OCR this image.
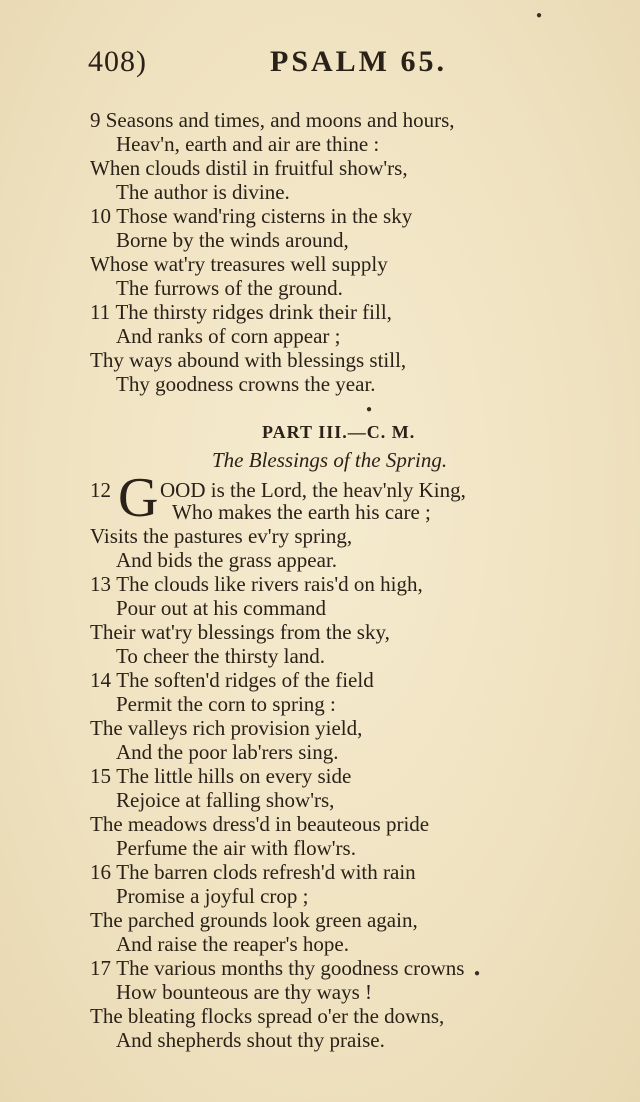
408)	PSALM 65.
●
9 Seasons and times, and moons and hours,
Heav'n, earth and air are thine :
When clouds distil in fruitful show'rs,
The author is divine.
10 Those wand'ring cisterns in the sky
Borne by the winds around,
Whose wat'ry treasures well supply
The furrows of the ground.
11 The thirsty ridges drink their fill,
And ranks of corn appear ;
Thy ways abound with blessings still,
Thy goodness crowns the year.
●
PART III.—C. M.
The Blessings of the Spring.
12 G OOD is the Lord, the heav'nly King,
Who makes the earth his care ;
Visits the pastures ev'ry spring,
And bids the grass appear.
13 The clouds like rivers rais'd on high,
Pour out at his command
Their wat'ry blessings from the sky,
To cheer the thirsty land.
14 The soften'd ridges of the field
Permit the corn to spring :
The valleys rich provision yield,
And the poor lab'rers sing.
15 The little hills on every side
Rejoice at falling show'rs,
The meadows dress'd in beauteous pride
Perfume the air with flow'rs.
16 The barren clods refresh'd with rain
Promise a joyful crop ;
The parched grounds look green again,
And raise the reaper's hope.
17 The various months thy goodness crowns
How bounteous are thy ways !
The bleating flocks spread o'er the downs,
And shepherds shout thy praise.
●
